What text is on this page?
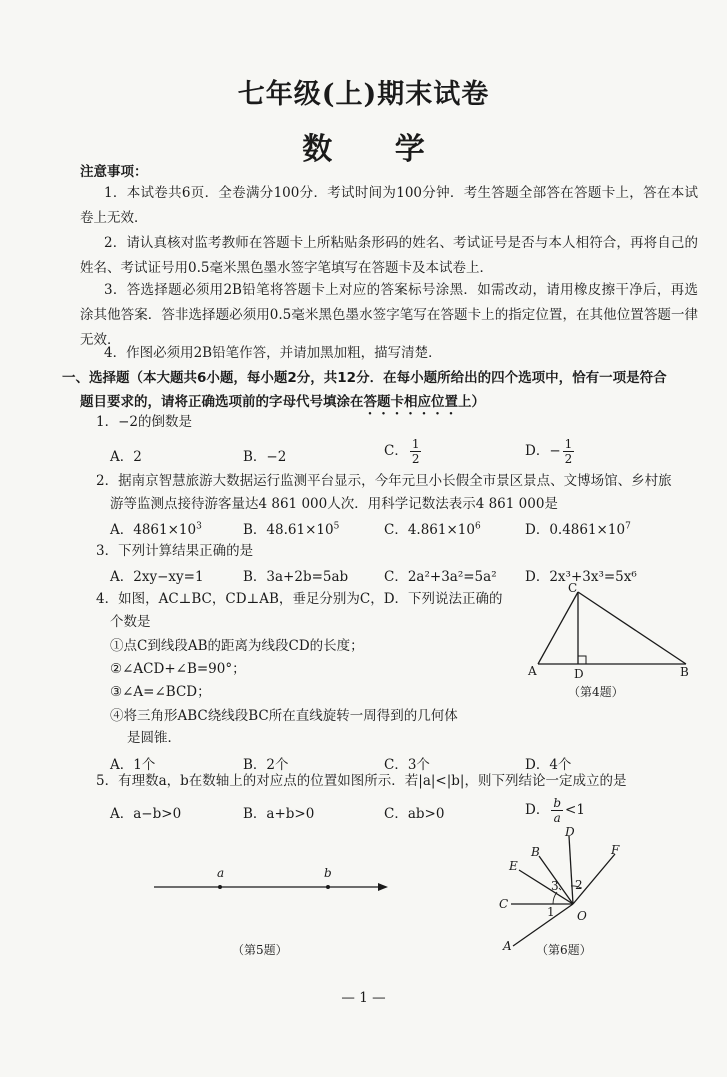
七年级(上)期末试卷
数 学
注意事项：
1．本试卷共6页．全卷满分100分．考试时间为100分钟．考生答题全部答在答题卡上，答在本试卷上无效．
2．请认真核对监考教师在答题卡上所粘贴条形码的姓名、考试证号是否与本人相符合，再将自己的姓名、考试证号用0.5毫米黑色墨水签字笔填写在答题卡及本试卷上．
3．答选择题必须用2B铅笔将答题卡上对应的答案标号涂黑．如需改动，请用橡皮擦干净后，再选涂其他答案．答非选择题必须用0.5毫米黑色墨水签字笔写在答题卡上的指定位置，在其他位置答题一律无效．
4．作图必须用2B铅笔作答，并请加黑加粗，描写清楚．
一、选择题（本大题共6小题，每小题2分，共12分．在每小题所给出的四个选项中，恰有一项是符合
题目要求的，请将正确选项前的字母代号填涂在答题卡相应位置上）
1．−2的倒数是
A．2	B．−2	C． $\frac{1}{2}$	D．− $\frac{1}{2}$
2．据南京智慧旅游大数据运行监测平台显示，今年元旦小长假全市景区景点、文博场馆、乡村旅
游等监测点接待游客量达4 861 000人次．用科学记数法表示4 861 000是
A．$4861\times 10^3$	B．$48.61\times 10^5$	C．$4.861\times 10^6$	D．$0.4861\times 10^7$
3．下列计算结果正确的是
A．2xy−xy=1	B．3a+2b=5ab	C．2a²+3a²=5a² D．2x³+3x³=5x⁶
4．如图，AC⊥BC，CD⊥AB，垂足分别为C，D．下列说法正确的
个数是
①点C到线段AB的距离为线段CD的长度；
②∠ACD+∠B=90°；
③∠A=∠BCD；
④将三角形ABC绕线段BC所在直线旋转一周得到的几何体
是圆锥．
A．1个	B．2个	C．3个	D．4个
A	B
C
D
（第4题）
5．有理数a，b在数轴上的对应点的位置如图所示．若|a|<|b|，则下列结论一定成立的是
A．a−b>0	B．a+b>0	C．ab>0	D． $\frac{b}{a} <1$
a	b
（第5题）	A
B
C
D
E
F
O
1
2
3
（第6题）
— 1 —
